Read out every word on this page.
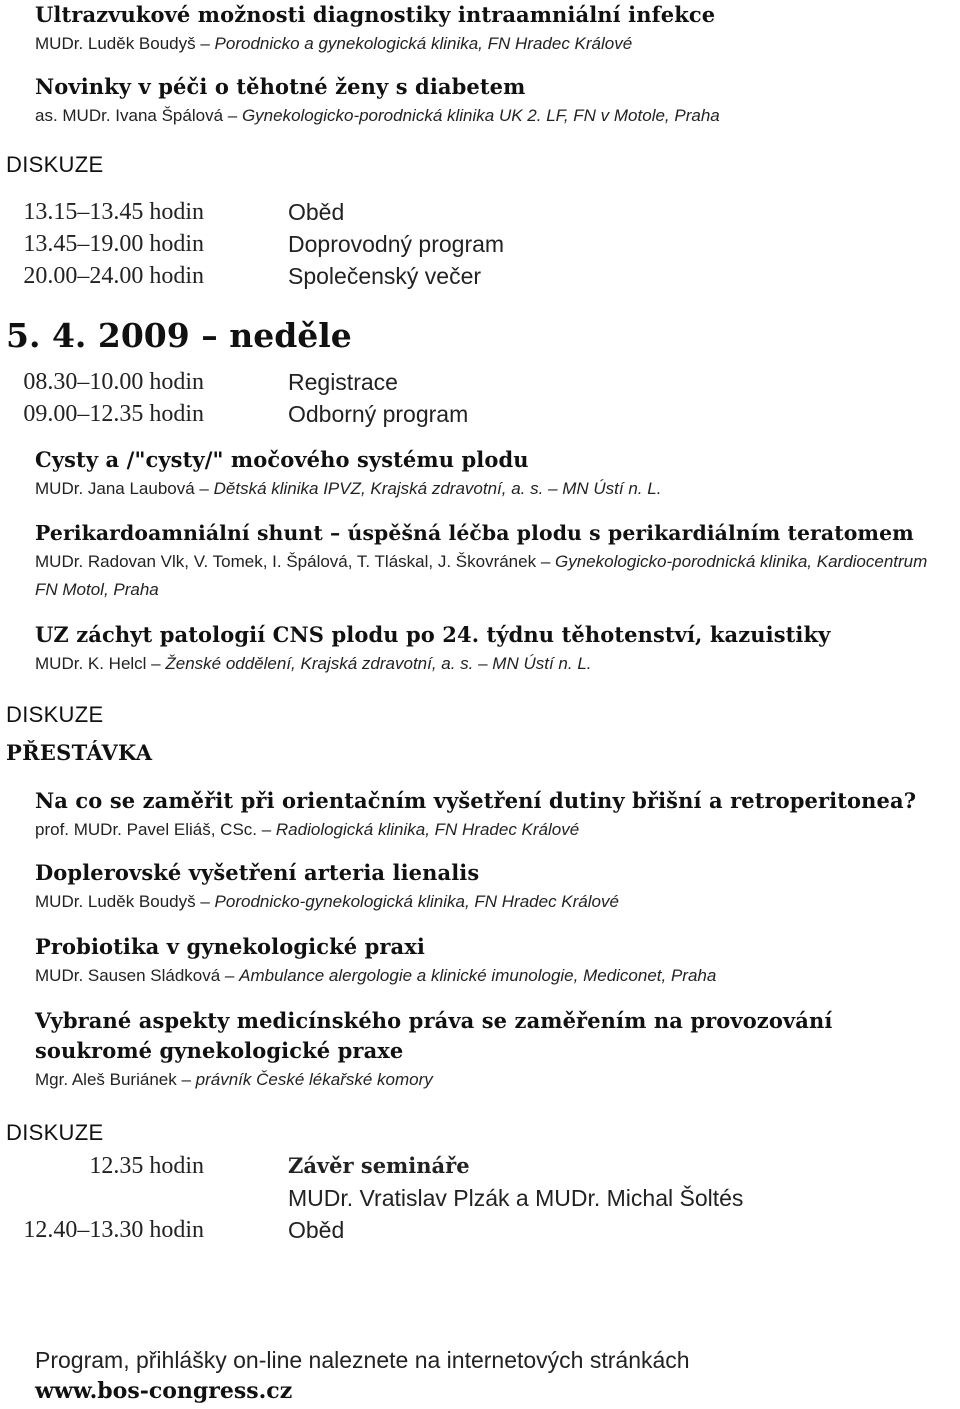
Ultrazvukové možnosti diagnostiky intraamniální infekce
MUDr. Luděk Boudyš – Porodnicko a gynekologická klinika, FN Hradec Králové
Novinky v péči o těhotné ženy s diabetem
as. MUDr. Ivana Špálová – Gynekologicko-porodnická klinika UK 2. LF, FN v Motole, Praha
DISKUZE
13.15–13.45 hodin	Oběd
13.45–19.00 hodin	Doprovodný program
20.00–24.00 hodin	Společenský večer
5. 4. 2009 – neděle
08.30–10.00 hodin	Registrace
09.00–12.35 hodin	Odborný program
Cysty a /"cysty/" močového systému plodu
MUDr. Jana Laubová – Dětská klinika IPVZ, Krajská zdravotní, a. s. – MN Ústí n. L.
Perikardoamniální shunt – úspěšná léčba plodu s perikardiálním teratomem
MUDr. Radovan Vlk, V. Tomek, I. Špálová, T. Tláskal, J. Škovránek – Gynekologicko-porodnická klinika, Kardiocentrum FN Motol, Praha
UZ záchyt patologií CNS plodu po 24. týdnu těhotenství, kazuistiky
MUDr. K. Helcl – Ženské oddělení, Krajská zdravotní, a. s. – MN Ústí n. L.
DISKUZE
PŘESTÁVKA
Na co se zaměřit při orientačním vyšetření dutiny břišní a retroperitonea?
prof. MUDr. Pavel Eliáš, CSc. – Radiologická klinika, FN Hradec Králové
Doplerovské vyšetření arteria lienalis
MUDr. Luděk Boudyš – Porodnicko-gynekologická klinika, FN Hradec Králové
Probiotika v gynekologické praxi
MUDr. Sausen Sládková – Ambulance alergologie a klinické imunologie, Mediconet, Praha
Vybrané aspekty medicínského práva se zaměřením na provozování soukromé gynekologické praxe
Mgr. Aleš Buriánek – právník České lékařské komory
DISKUZE
12.35 hodin	Závěr semináře
MUDr. Vratislav Plzák a MUDr. Michal Šoltés
12.40–13.30 hodin	Oběd
Program, přihlášky on-line naleznete na internetových stránkách
www.bos-congress.cz
